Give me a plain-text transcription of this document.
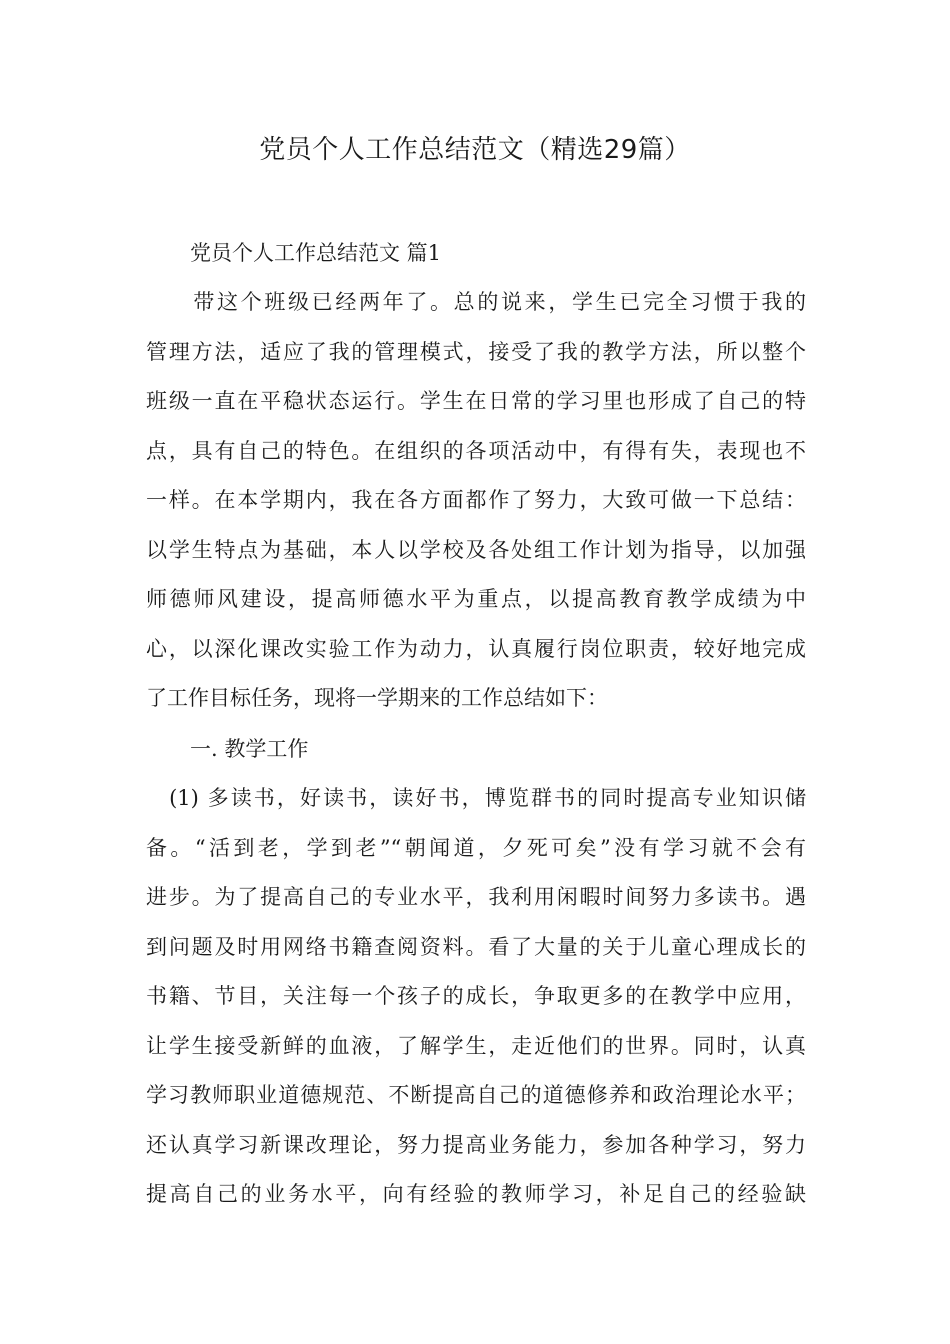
党员个人工作总结范文（精选29篇）
党员个人工作总结范文 篇1
　　带这个班级已经两年了。总的说来，学生已完全习惯于我的
管理方法，适应了我的管理模式，接受了我的教学方法，所以整个
班级一直在平稳状态运行。学生在日常的学习里也形成了自己的特
点，具有自己的特色。在组织的各项活动中，有得有失，表现也不
一样。在本学期内，我在各方面都作了努力，大致可做一下总结：
以学生特点为基础，本人以学校及各处组工作计划为指导，以加强
师德师风建设，提高师德水平为重点，以提高教育教学成绩为中
心，以深化课改实验工作为动力，认真履行岗位职责，较好地完成
了工作目标任务，现将一学期来的工作总结如下：
一. 教学工作
　(1) 多读书，好读书，读好书，博览群书的同时提高专业知识储
备。“活到老，学到老”“朝闻道，夕死可矣”没有学习就不会有
进步。为了提高自己的专业水平，我利用闲暇时间努力多读书。遇
到问题及时用网络书籍查阅资料。看了大量的关于儿童心理成长的
书籍、节目，关注每一个孩子的成长，争取更多的在教学中应用，
让学生接受新鲜的血液，了解学生，走近他们的世界。同时，认真
学习教师职业道德规范、不断提高自己的道德修养和政治理论水平；
还认真学习新课改理论，努力提高业务能力，参加各种学习，努力
提高自己的业务水平，向有经验的教师学习，补足自己的经验缺
